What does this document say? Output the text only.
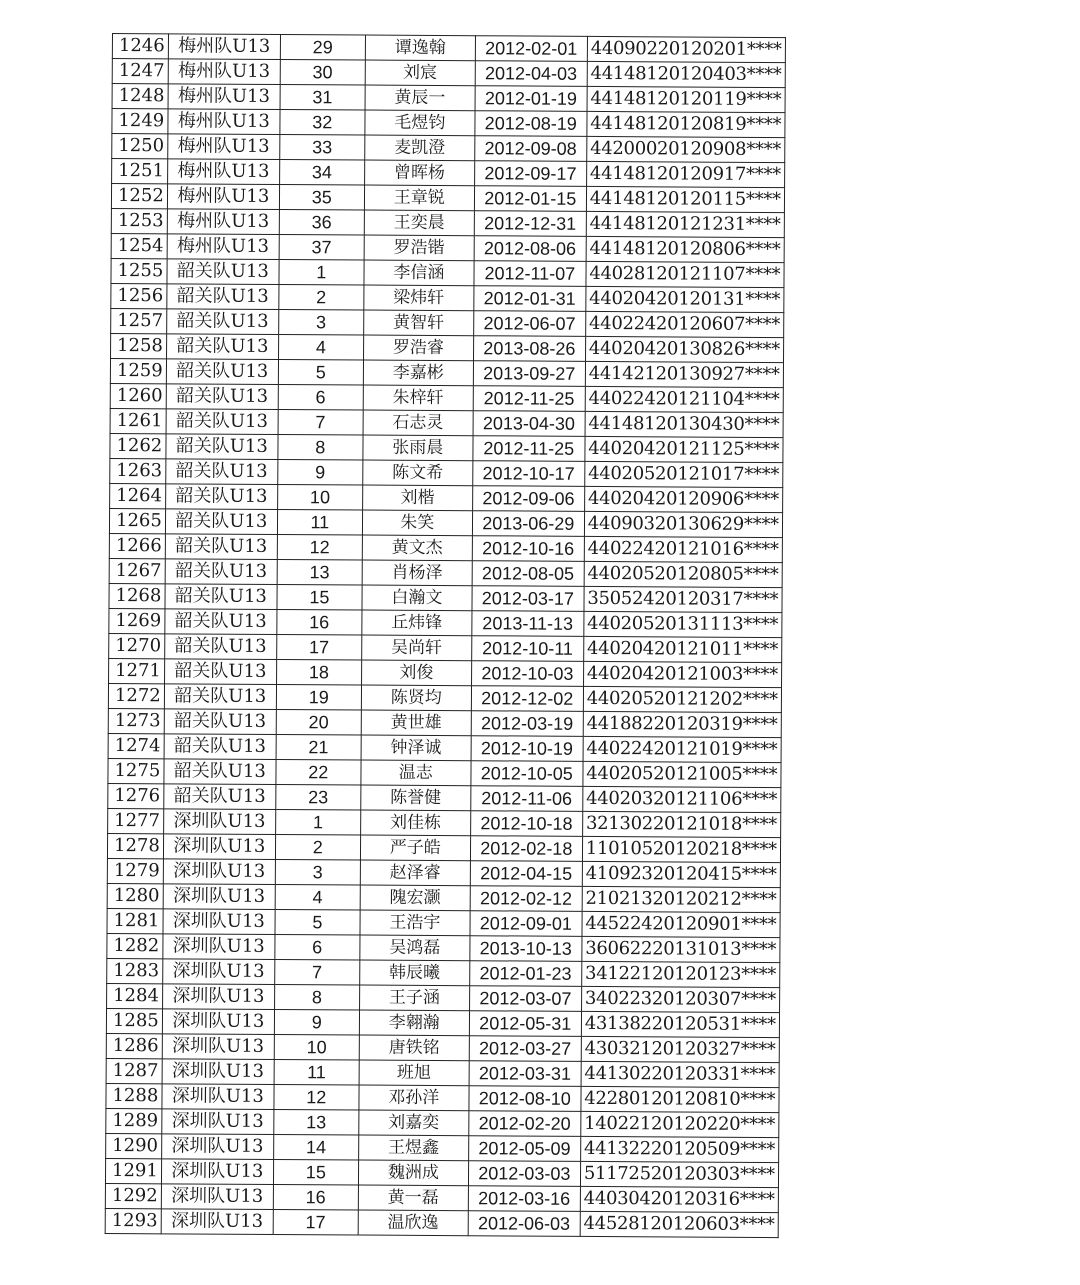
1246	梅州队U13	29	谭逸翰	2012-02-01	44090220120201****
1247	梅州队U13	30	刘宸	2012-04-03	44148120120403****
1248	梅州队U13	31	黄辰一	2012-01-19	44148120120119****
1249	梅州队U13	32	毛煜钧	2012-08-19	44148120120819****
1250	梅州队U13	33	麦凯澄	2012-09-08	44200020120908****
1251	梅州队U13	34	曾晖杨	2012-09-17	44148120120917****
1252	梅州队U13	35	王章锐	2012-01-15	44148120120115****
1253	梅州队U13	36	王奕晨	2012-12-31	44148120121231****
1254	梅州队U13	37	罗浩锴	2012-08-06	44148120120806****
1255	韶关队U13	1	李信涵	2012-11-07	44028120121107****
1256	韶关队U13	2	梁炜轩	2012-01-31	44020420120131****
1257	韶关队U13	3	黄智轩	2012-06-07	44022420120607****
1258	韶关队U13	4	罗浩睿	2013-08-26	44020420130826****
1259	韶关队U13	5	李嘉彬	2013-09-27	44142120130927****
1260	韶关队U13	6	朱梓轩	2012-11-25	44022420121104****
1261	韶关队U13	7	石志灵	2013-04-30	44148120130430****
1262	韶关队U13	8	张雨晨	2012-11-25	44020420121125****
1263	韶关队U13	9	陈文希	2012-10-17	44020520121017****
1264	韶关队U13	10	刘楷	2012-09-06	44020420120906****
1265	韶关队U13	11	朱笑	2013-06-29	44090320130629****
1266	韶关队U13	12	黄文杰	2012-10-16	44022420121016****
1267	韶关队U13	13	肖杨泽	2012-08-05	44020520120805****
1268	韶关队U13	15	白瀚文	2012-03-17	35052420120317****
1269	韶关队U13	16	丘炜锋	2013-11-13	44020520131113****
1270	韶关队U13	17	吴尚轩	2012-10-11	44020420121011****
1271	韶关队U13	18	刘俊	2012-10-03	44020420121003****
1272	韶关队U13	19	陈贤均	2012-12-02	44020520121202****
1273	韶关队U13	20	黄世雄	2012-03-19	44188220120319****
1274	韶关队U13	21	钟泽诚	2012-10-19	44022420121019****
1275	韶关队U13	22	温志	2012-10-05	44020520121005****
1276	韶关队U13	23	陈誉健	2012-11-06	44020320121106****
1277	深圳队U13	1	刘佳栋	2012-10-18	32130220121018****
1278	深圳队U13	2	严子皓	2012-02-18	11010520120218****
1279	深圳队U13	3	赵泽睿	2012-04-15	41092320120415****
1280	深圳队U13	4	隗宏灏	2012-02-12	21021320120212****
1281	深圳队U13	5	王浩宇	2012-09-01	44522420120901****
1282	深圳队U13	6	吴鸿磊	2013-10-13	36062220131013****
1283	深圳队U13	7	韩辰曦	2012-01-23	34122120120123****
1284	深圳队U13	8	王子涵	2012-03-07	34022320120307****
1285	深圳队U13	9	李翱瀚	2012-05-31	43138220120531****
1286	深圳队U13	10	唐铁铭	2012-03-27	43032120120327****
1287	深圳队U13	11	班旭	2012-03-31	44130220120331****
1288	深圳队U13	12	邓孙洋	2012-08-10	42280120120810****
1289	深圳队U13	13	刘嘉奕	2012-02-20	14022120120220****
1290	深圳队U13	14	王煜鑫	2012-05-09	44132220120509****
1291	深圳队U13	15	魏洲成	2012-03-03	51172520120303****
1292	深圳队U13	16	黄一磊	2012-03-16	44030420120316****
1293	深圳队U13	17	温欣逸	2012-06-03	44528120120603****
